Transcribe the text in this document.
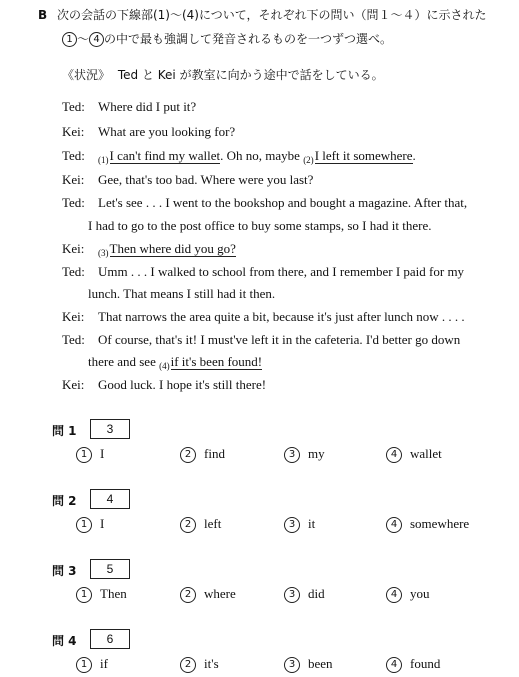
B 次の会話の下線部(1)〜(4)について，それぞれ下の問い（問１〜４）に示された
1 〜 4 の中で最も強調して発音されるものを一つずつ選べ。
《状況》 Ted と Kei が教室に向かう途中で話をしている。
Ted: Where did I put it?
Kei: What are you looking for?
Ted: $_{(1)}$I can't find my wallet. Oh no, maybe $_{(2)}$I left it somewhere.
Kei: Gee, that's too bad. Where were you last?
Ted: Let's see . . . I went to the bookshop and bought a magazine. After that,
I had to go to the post office to buy some stamps, so I had it there.
Kei: $_{(3)}$Then where did you go?
Ted: Umm . . . I walked to school from there, and I remember I paid for my
lunch. That means I still had it then.
Kei: That narrows the area quite a bit, because it's just after lunch now . . . .
Ted: Of course, that's it! I must've left it in the cafeteria. I'd better go down
there and see $_{(4)}$if it's been found!
Kei: Good luck. I hope it's still there!
問 1	3
1 I	2 find	3 my	4 wallet
問 2	4
1 I	2 left	3 it	4 somewhere
問 3	5
1 Then	2 where	3 did	4 you
問 4	6
1 if	2 it's	3 been	4 found
